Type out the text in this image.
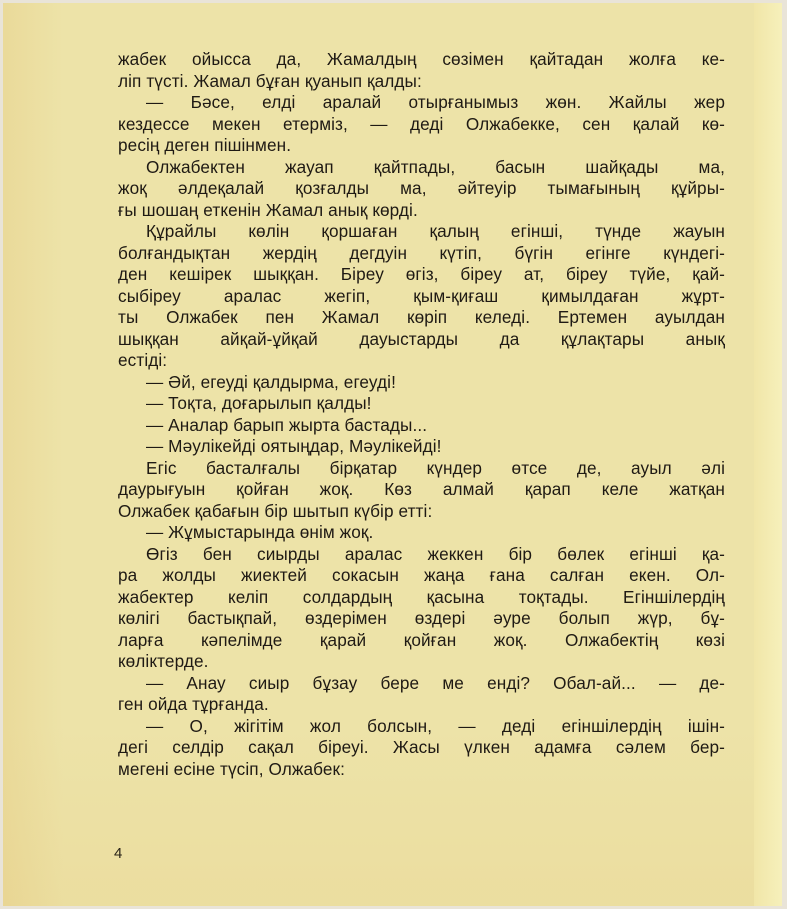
жабек ойысса да, Жамалдың сөзімен қайтадан жолға ке-
ліп түсті. Жамал бұған қуанып қалды:
— Бәсе, елді аралай отырғанымыз жөн. Жайлы жер
кездессе мекен етерміз, — деді Олжабекке, сен қалай кө-
ресің деген пішінмен.
Олжабектен жауап қайтпады, басын шайқады ма,
жоқ әлдеқалай қозғалды ма, әйтеуір тымағының құйры-
ғы шошаң еткенін Жамал анық көрді.
Құрайлы көлін қоршаған қалың егінші, түнде жауын
болғандықтан жердің дегдуін күтіп, бүгін егінге күндегі-
ден кешірек шыққан. Біреу өгіз, біреу ат, біреу түйе, қай-
сыбіреу аралас жегіп, қым-қиғаш қимылдаған жұрт-
ты Олжабек пен Жамал көріп келеді. Ертемен ауылдан
шыққан айқай-ұйқай дауыстарды да құлақтары анық
естіді:
— Әй, егеуді қалдырма, егеуді!
— Тоқта, доғарылып қалды!
— Аналар барып жырта бастады...
— Мәулікейді оятыңдар, Мәулікейді!
Егіс басталғалы бірқатар күндер өтсе де, ауыл әлі
даурығуын қойған жоқ. Көз алмай қарап келе жатқан
Олжабек қабағын бір шытып күбір етті:
— Жұмыстарында өнім жоқ.
Өгіз бен сиырды аралас жеккен бір бөлек егінші қа-
ра жолды жиектей сокасын жаңа ғана салған екен. Ол-
жабектер келіп солдардың қасына тоқтады. Егіншілердің
көлігі бастықпай, өздерімен өздері әуре болып жүр, бұ-
ларға кәпелімде қарай қойған жоқ. Олжабектің көзі
көліктерде.
— Анау сиыр бұзау бере ме енді? Обал-ай... — де-
ген ойда тұрғанда.
— О, жігітім жол болсын, — деді егіншілердің ішін-
дегі селдір сақал біреуі. Жасы үлкен адамға сәлем бер-
мегені есіне түсіп, Олжабек:
4
